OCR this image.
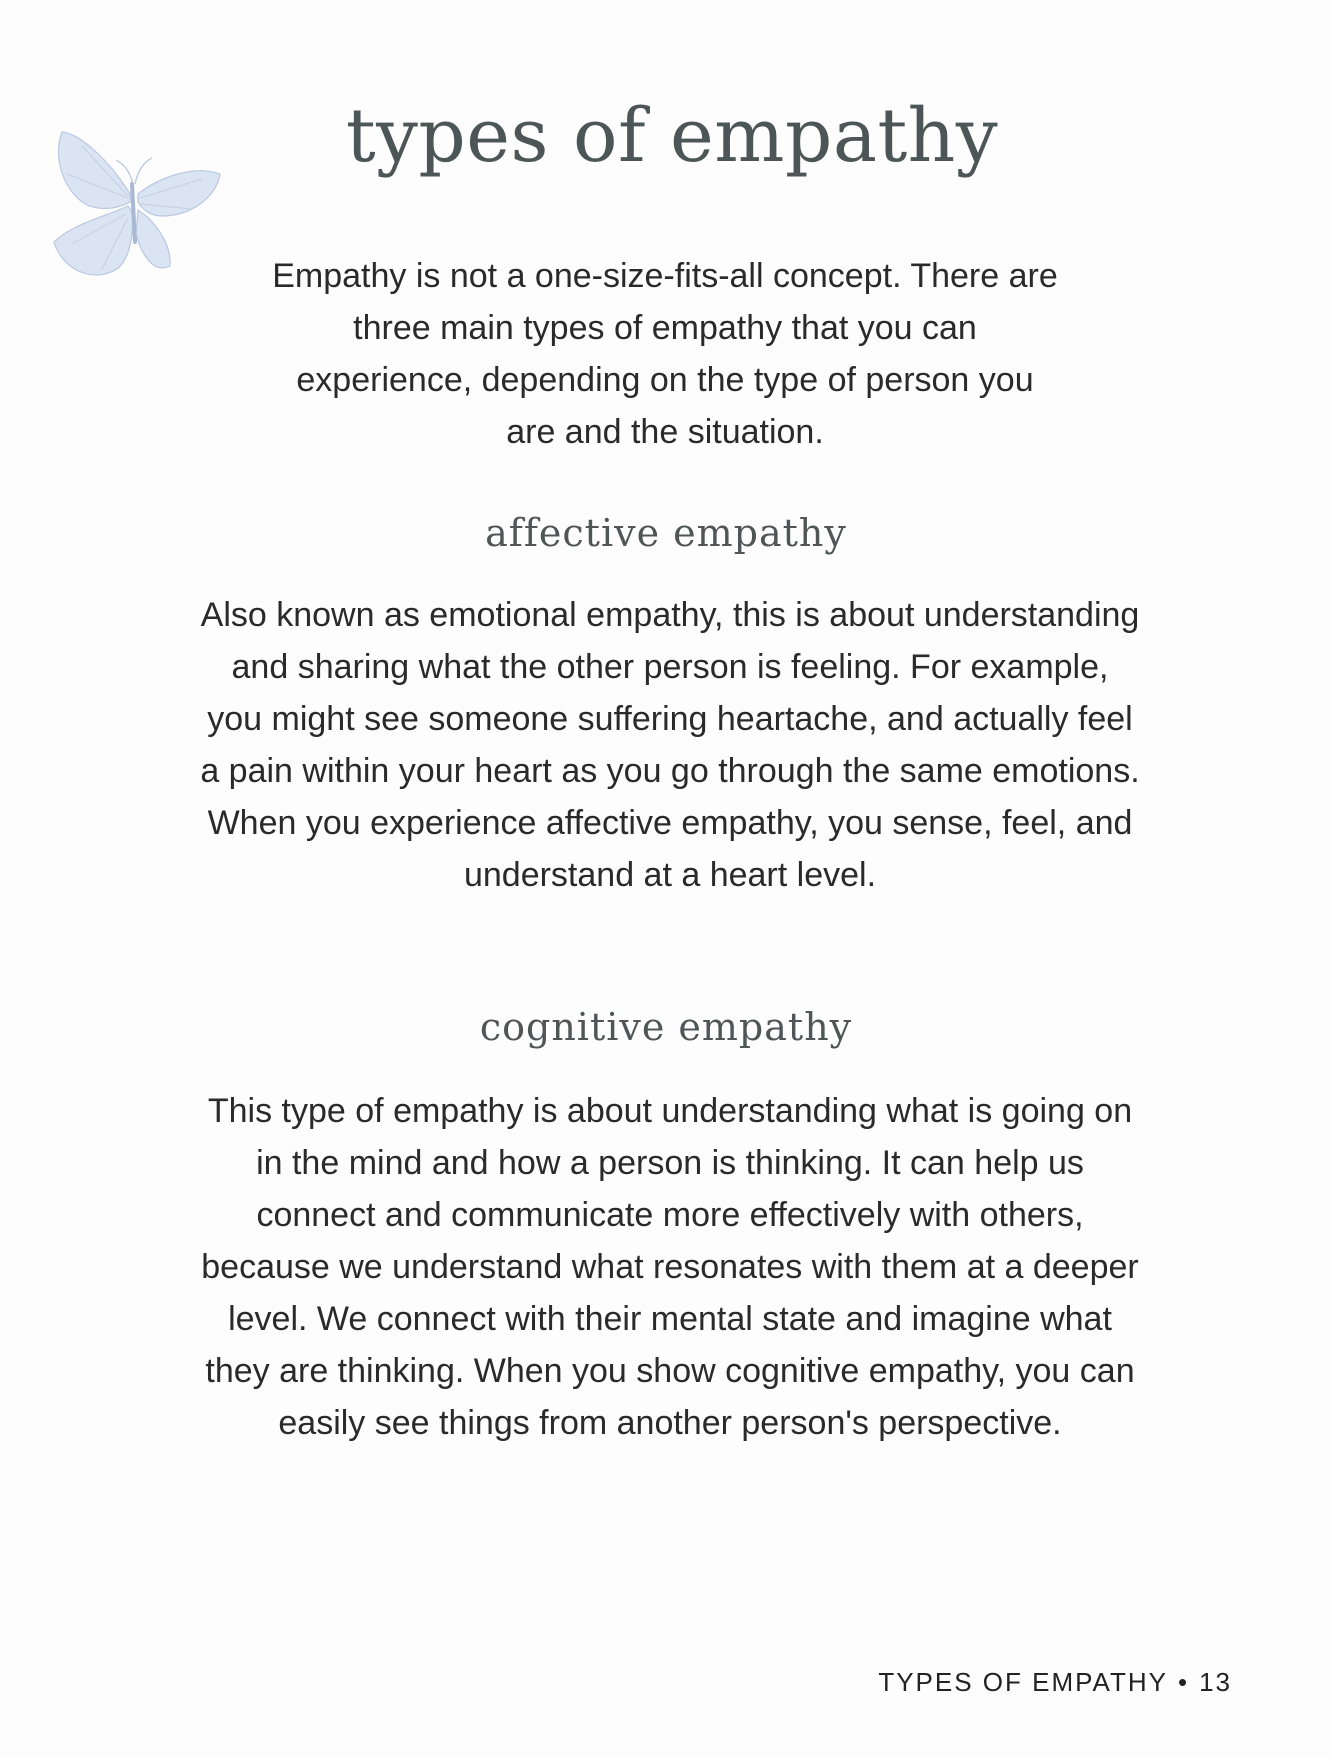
types of empathy
Empathy is not a one-size-fits-all concept. There are three main types of empathy that you can experience, depending on the type of person you are and the situation.
affective empathy
Also known as emotional empathy, this is about understanding and sharing what the other person is feeling. For example, you might see someone suffering heartache, and actually feel a pain within your heart as you go through the same emotions. When you experience affective empathy, you sense, feel, and understand at a heart level.
cognitive empathy
This type of empathy is about understanding what is going on in the mind and how a person is thinking. It can help us connect and communicate more effectively with others, because we understand what resonates with them at a deeper level. We connect with their mental state and imagine what they are thinking. When you show cognitive empathy, you can easily see things from another person's perspective.
TYPES OF EMPATHY • 13
